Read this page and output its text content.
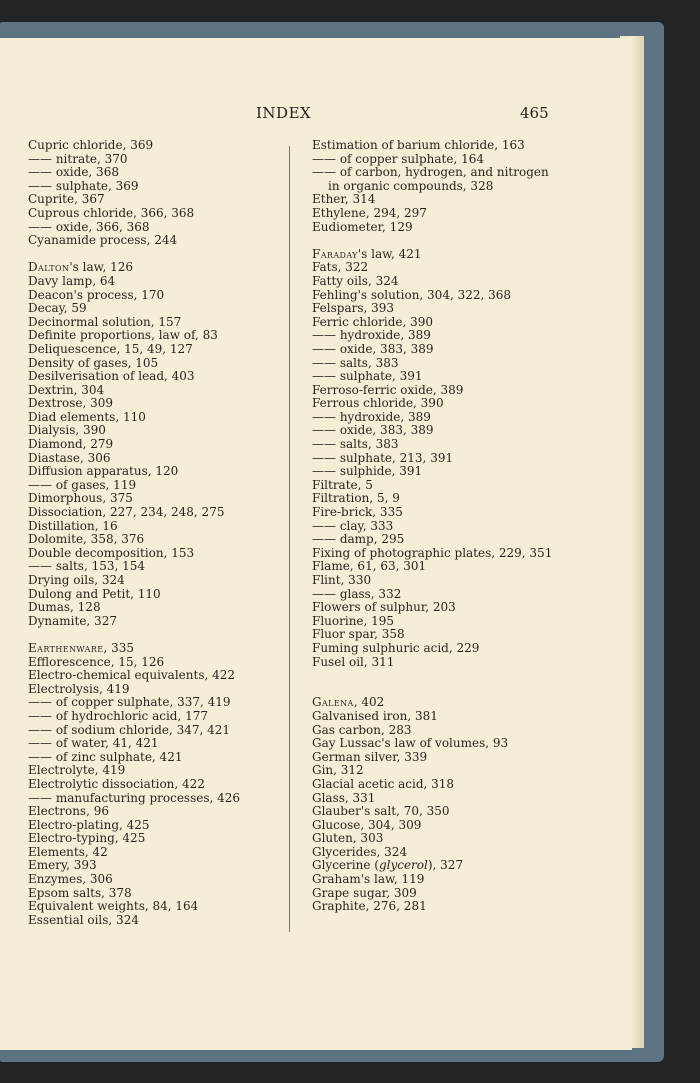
INDEX	465
Cupric chloride, 369
—— nitrate, 370
—— oxide, 368
—— sulphate, 369
Cuprite, 367
Cuprous chloride, 366, 368
—— oxide, 366, 368
Cyanamide process, 244
Dalton's law, 126
Davy lamp, 64
Deacon's process, 170
Decay, 59
Decinormal solution, 157
Definite proportions, law of, 83
Deliquescence, 15, 49, 127
Density of gases, 105
Desilverisation of lead, 403
Dextrin, 304
Dextrose, 309
Diad elements, 110
Dialysis, 390
Diamond, 279
Diastase, 306
Diffusion apparatus, 120
—— of gases, 119
Dimorphous, 375
Dissociation, 227, 234, 248, 275
Distillation, 16
Dolomite, 358, 376
Double decomposition, 153
—— salts, 153, 154
Drying oils, 324
Dulong and Petit, 110
Dumas, 128
Dynamite, 327
Earthenware, 335
Efflorescence, 15, 126
Electro-chemical equivalents, 422
Electrolysis, 419
—— of copper sulphate, 337, 419
—— of hydrochloric acid, 177
—— of sodium chloride, 347, 421
—— of water, 41, 421
—— of zinc sulphate, 421
Electrolyte, 419
Electrolytic dissociation, 422
—— manufacturing processes, 426
Electrons, 96
Electro-plating, 425
Electro-typing, 425
Elements, 42
Emery, 393
Enzymes, 306
Epsom salts, 378
Equivalent weights, 84, 164
Essential oils, 324
Estimation of barium chloride, 163
—— of copper sulphate, 164
—— of carbon, hydrogen, and nitrogen in organic compounds, 328
Ether, 314
Ethylene, 294, 297
Eudiometer, 129
Faraday's law, 421
Fats, 322
Fatty oils, 324
Fehling's solution, 304, 322, 368
Felspars, 393
Ferric chloride, 390
—— hydroxide, 389
—— oxide, 383, 389
—— salts, 383
—— sulphate, 391
Ferroso-ferric oxide, 389
Ferrous chloride, 390
—— hydroxide, 389
—— oxide, 383, 389
—— salts, 383
—— sulphate, 213, 391
—— sulphide, 391
Filtrate, 5
Filtration, 5, 9
Fire-brick, 335
—— clay, 333
—— damp, 295
Fixing of photographic plates, 229, 351
Flame, 61, 63, 301
Flint, 330
—— glass, 332
Flowers of sulphur, 203
Fluorine, 195
Fluor spar, 358
Fuming sulphuric acid, 229
Fusel oil, 311
Galena, 402
Galvanised iron, 381
Gas carbon, 283
Gay Lussac's law of volumes, 93
German silver, 339
Gin, 312
Glacial acetic acid, 318
Glass, 331
Glauber's salt, 70, 350
Glucose, 304, 309
Gluten, 303
Glycerides, 324
Glycerine (glycerol), 327
Graham's law, 119
Grape sugar, 309
Graphite, 276, 281
